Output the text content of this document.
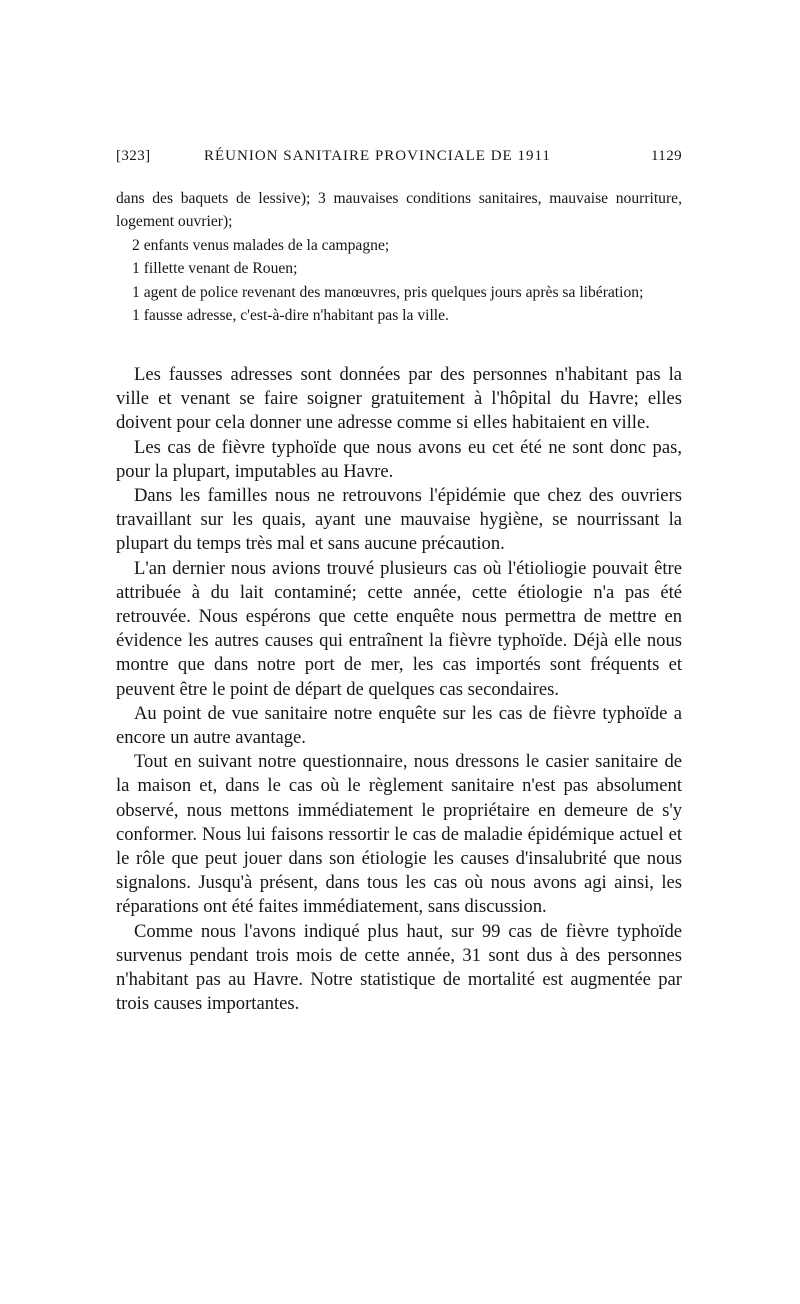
[323]	RÉUNION SANITAIRE PROVINCIALE DE 1911	1129

dans des baquets de lessive); 3 mauvaises conditions sanitaires, mauvaise nourriture, logement ouvrier);

2 enfants venus malades de la campagne;

1 fillette venant de Rouen;

1 agent de police revenant des manœuvres, pris quelques jours après sa libération;

1 fausse adresse, c'est-à-dire n'habitant pas la ville.

Les fausses adresses sont données par des personnes n'habitant pas la ville et venant se faire soigner gratuitement à l'hôpital du Havre; elles doivent pour cela donner une adresse comme si elles habitaient en ville.

Les cas de fièvre typhoïde que nous avons eu cet été ne sont donc pas, pour la plupart, imputables au Havre.

Dans les familles nous ne retrouvons l'épidémie que chez des ouvriers travaillant sur les quais, ayant une mauvaise hygiène, se nourrissant la plupart du temps très mal et sans aucune précaution.

L'an dernier nous avions trouvé plusieurs cas où l'étioliogie pouvait être attribuée à du lait contaminé; cette année, cette étiologie n'a pas été retrouvée. Nous espérons que cette enquête nous permettra de mettre en évidence les autres causes qui entraînent la fièvre typhoïde. Déjà elle nous montre que dans notre port de mer, les cas importés sont fréquents et peuvent être le point de départ de quelques cas secondaires.

Au point de vue sanitaire notre enquête sur les cas de fièvre typhoïde a encore un autre avantage.

Tout en suivant notre questionnaire, nous dressons le casier sanitaire de la maison et, dans le cas où le règlement sanitaire n'est pas absolument observé, nous mettons immédiatement le propriétaire en demeure de s'y conformer. Nous lui faisons ressortir le cas de maladie épidémique actuel et le rôle que peut jouer dans son étiologie les causes d'insalubrité que nous signalons. Jusqu'à présent, dans tous les cas où nous avons agi ainsi, les réparations ont été faites immédiatement, sans discussion.

Comme nous l'avons indiqué plus haut, sur 99 cas de fièvre typhoïde survenus pendant trois mois de cette année, 31 sont dus à des personnes n'habitant pas au Havre. Notre statistique de mortalité est augmentée par trois causes importantes.
